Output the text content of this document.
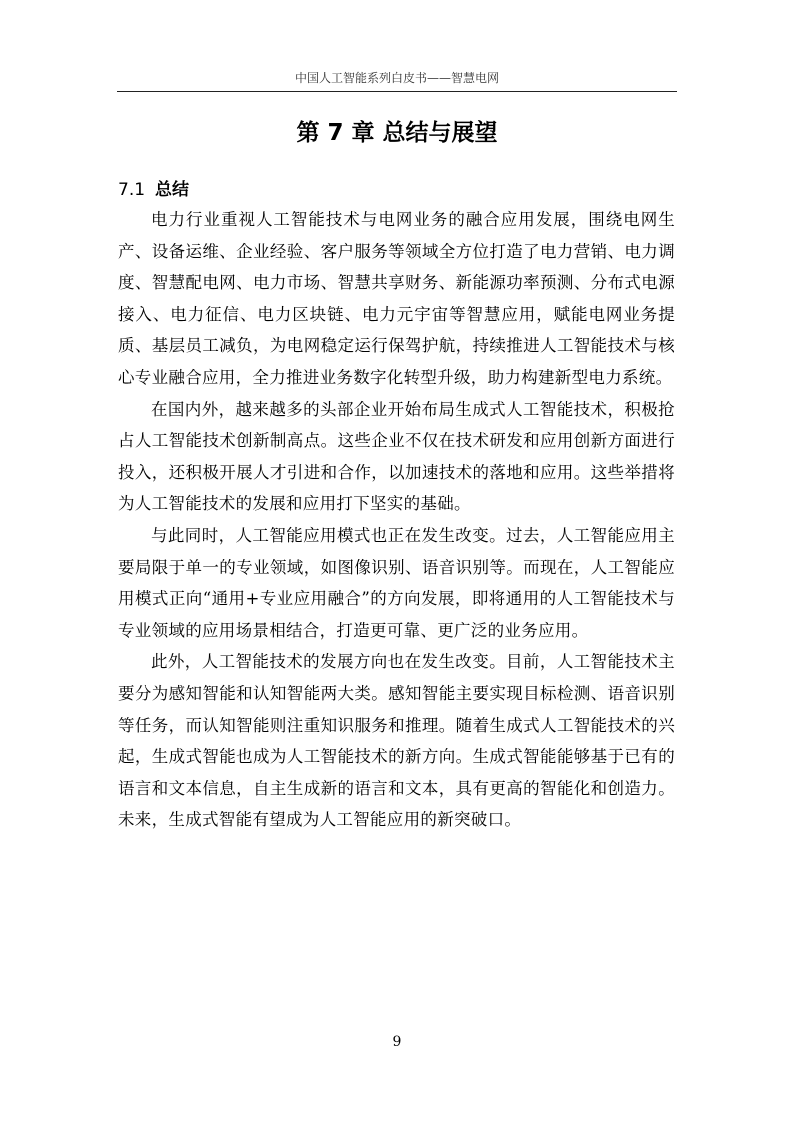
中国人工智能系列白皮书——智慧电网
第 7 章 总结与展望
7.1 总结

电力行业重视人工智能技术与电网业务的融合应用发展，围绕电网生产、设备运维、企业经验、客户服务等领域全方位打造了电力营销、电力调度、智慧配电网、电力市场、智慧共享财务、新能源功率预测、分布式电源接入、电力征信、电力区块链、电力元宇宙等智慧应用，赋能电网业务提质、基层员工减负，为电网稳定运行保驾护航，持续推进人工智能技术与核心专业融合应用，全力推进业务数字化转型升级，助力构建新型电力系统。

在国内外，越来越多的头部企业开始布局生成式人工智能技术，积极抢占人工智能技术创新制高点。这些企业不仅在技术研发和应用创新方面进行投入，还积极开展人才引进和合作，以加速技术的落地和应用。这些举措将为人工智能技术的发展和应用打下坚实的基础。

与此同时，人工智能应用模式也正在发生改变。过去，人工智能应用主要局限于单一的专业领域，如图像识别、语音识别等。而现在，人工智能应用模式正向“通用+专业应用融合”的方向发展，即将通用的人工智能技术与专业领域的应用场景相结合，打造更可靠、更广泛的业务应用。

此外，人工智能技术的发展方向也在发生改变。目前，人工智能技术主要分为感知智能和认知智能两大类。感知智能主要实现目标检测、语音识别等任务，而认知智能则注重知识服务和推理。随着生成式人工智能技术的兴起，生成式智能也成为人工智能技术的新方向。生成式智能能够基于已有的语言和文本信息，自主生成新的语言和文本，具有更高的智能化和创造力。未来，生成式智能有望成为人工智能应用的新突破口。

9
